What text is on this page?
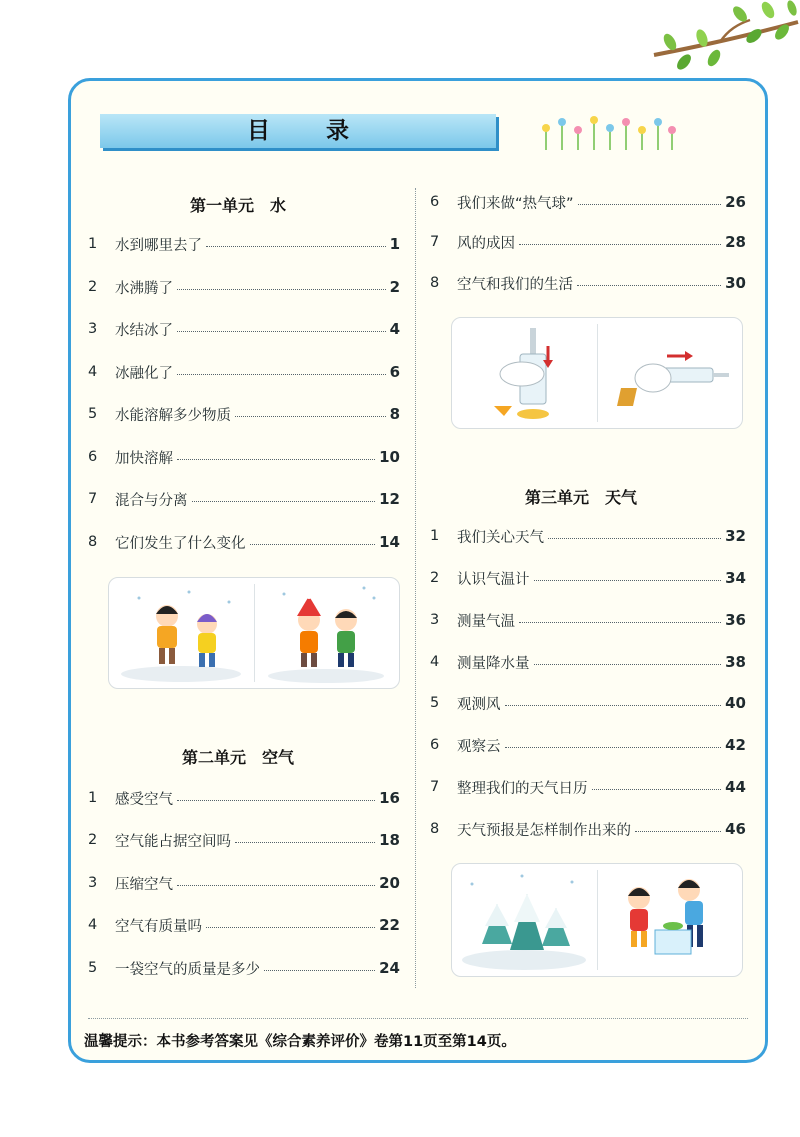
目 录
第一单元　水
1	水到哪里去了	1
2	水沸腾了	2
3	水结冰了	4
4	冰融化了	6
5	水能溶解多少物质	8
6	加快溶解	10
7	混合与分离	12
8	它们发生了什么变化	14
第二单元　空气
1	感受空气	16
2	空气能占据空间吗	18
3	压缩空气	20
4	空气有质量吗	22
5	一袋空气的质量是多少	24
6	我们来做“热气球”	26
7	风的成因	28
8	空气和我们的生活	30
第三单元　天气
1	我们关心天气	32
2	认识气温计	34
3	测量气温	36
4	测量降水量	38
5	观测风	40
6	观察云	42
7	整理我们的天气日历	44
8	天气预报是怎样制作出来的	46
温馨提示：本书参考答案见《综合素养评价》卷第11页至第14页。
